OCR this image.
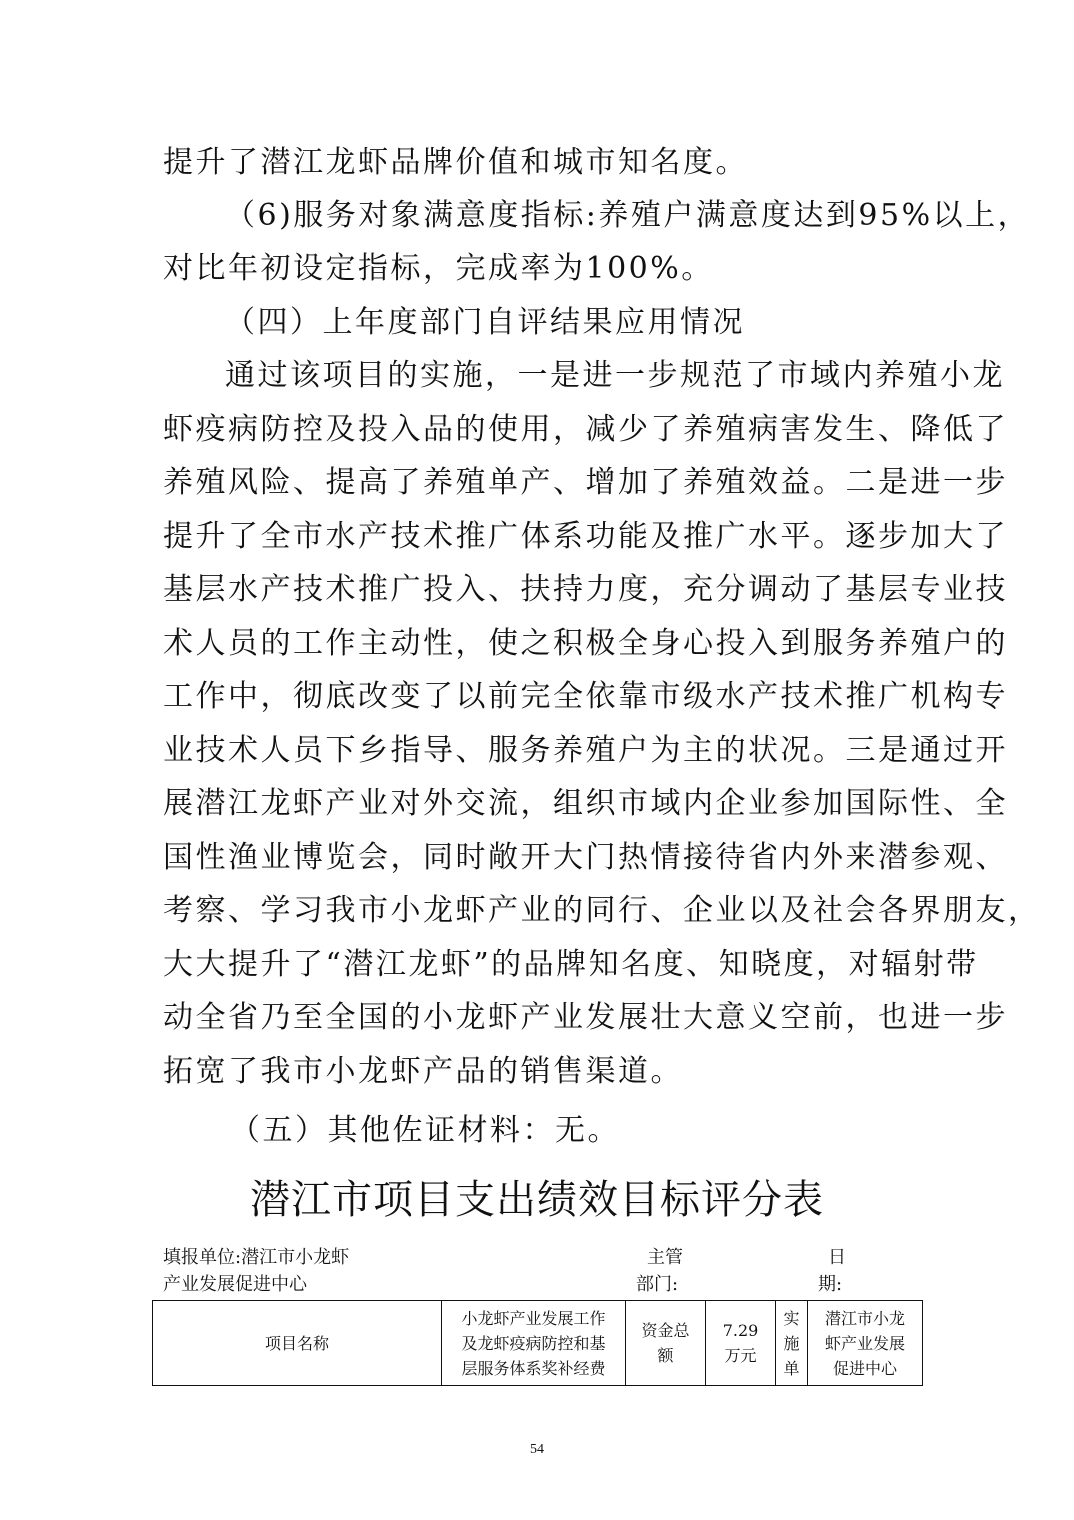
提升了潜江龙虾品牌价值和城市知名度。
（6)服务对象满意度指标:养殖户满意度达到95%以上，
对比年初设定指标，完成率为100%。
（四）上年度部门自评结果应用情况
通过该项目的实施，一是进一步规范了市域内养殖小龙
虾疫病防控及投入品的使用，减少了养殖病害发生、降低了
养殖风险、提高了养殖单产、增加了养殖效益。二是进一步
提升了全市水产技术推广体系功能及推广水平。逐步加大了
基层水产技术推广投入、扶持力度，充分调动了基层专业技
术人员的工作主动性，使之积极全身心投入到服务养殖户的
工作中，彻底改变了以前完全依靠市级水产技术推广机构专
业技术人员下乡指导、服务养殖户为主的状况。三是通过开
展潜江龙虾产业对外交流，组织市域内企业参加国际性、全
国性渔业博览会，同时敞开大门热情接待省内外来潜参观、
考察、学习我市小龙虾产业的同行、企业以及社会各界朋友，
大大提升了“潜江龙虾”的品牌知名度、知晓度，对辐射带
动全省乃至全国的小龙虾产业发展壮大意义空前，也进一步
拓宽了我市小龙虾产品的销售渠道。
（五）其他佐证材料：无。
潜江市项目支出绩效目标评分表
填报单位:潜江市小龙虾
产业发展促进中心
主管
部门:
日
期:
项目名称	小龙虾产业发展工作
及龙虾疫病防控和基
层服务体系奖补经费	资金总
额	7.29
万元	实
施
单	潜江市小龙
虾产业发展
促进中心
54
